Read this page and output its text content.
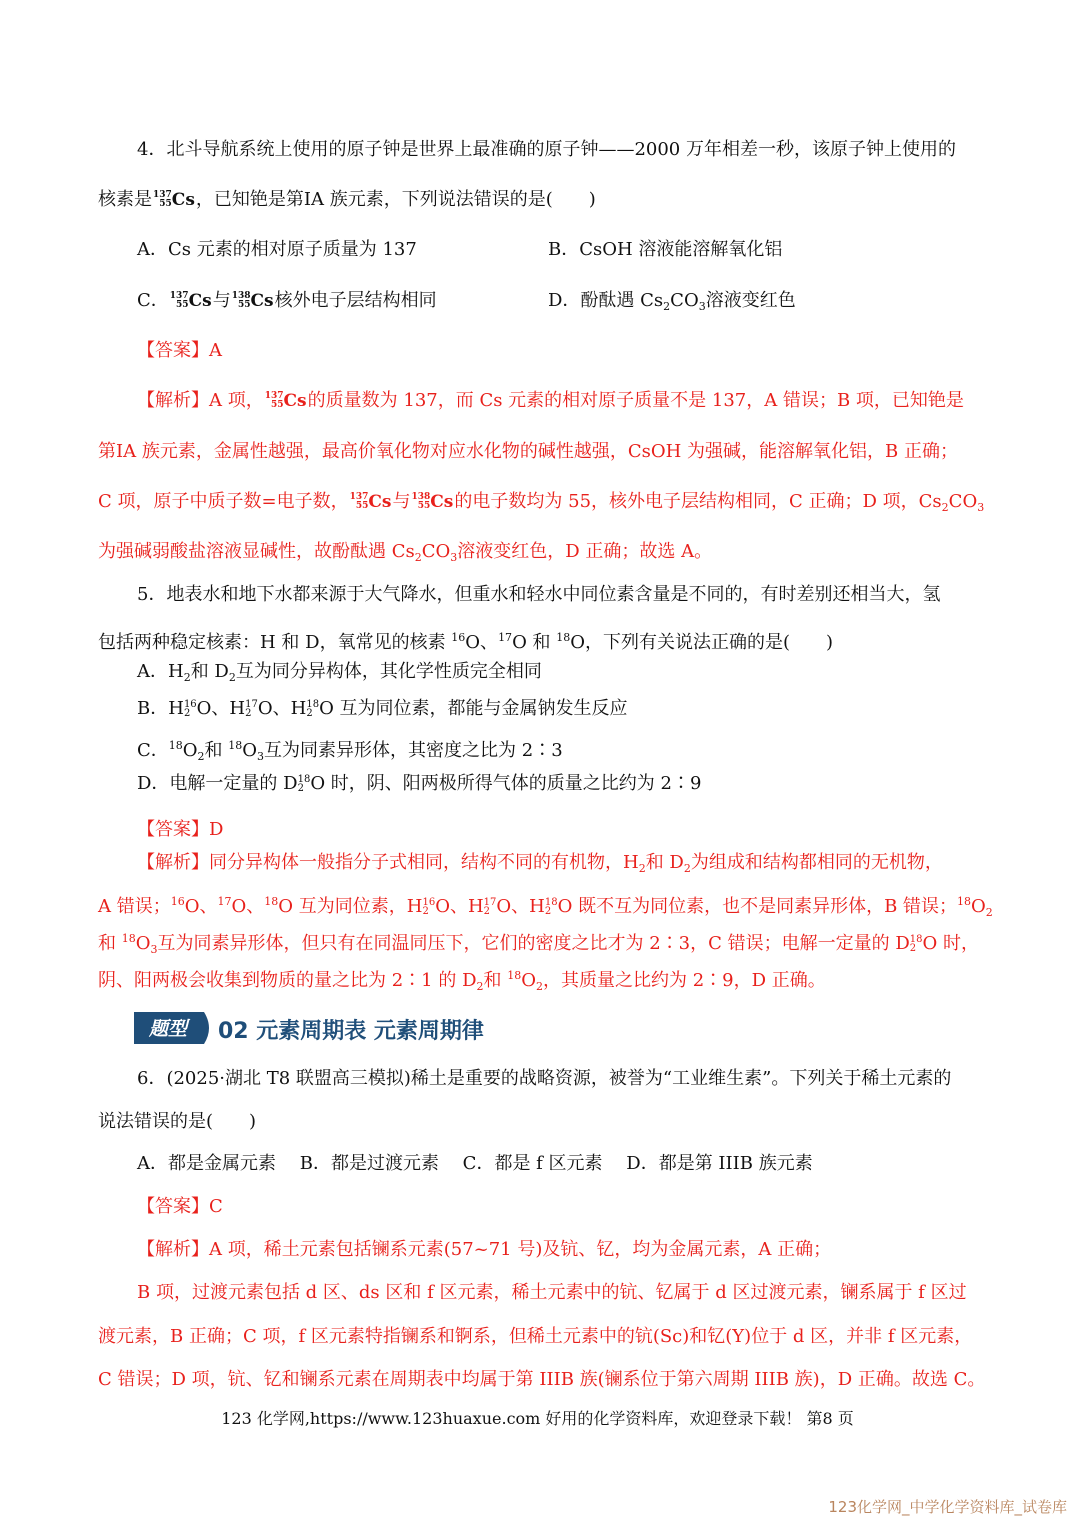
4．北斗导航系统上使用的原子钟是世界上最准确的原子钟——2000 万年相差一秒，该原子钟上使用的
核素是137
55Cs，已知铯是第IA 族元素，下列说法错误的是(　　)
A．Cs 元素的相对原子质量为 137	B．CsOH 溶液能溶解氧化铝
C．137
55Cs与138
55Cs核外电子层结构相同	D．酚酞遇 $Cs_2CO_3$溶液变红色
【答案】A
【解析】A 项，137
55Cs的质量数为 137，而 Cs 元素的相对原子质量不是 137，A 错误；B 项，已知铯是
第IA 族元素，金属性越强，最高价氧化物对应水化物的碱性越强，CsOH 为强碱，能溶解氧化铝，B 正确；
C 项，原子中质子数=电子数，137
55Cs与138
55Cs的电子数均为 55，核外电子层结构相同，C 正确；D 项，$Cs_2CO_3$
为强碱弱酸盐溶液显碱性，故酚酞遇 $Cs_2CO_3$溶液变红色，D 正确；故选 A。
5．地表水和地下水都来源于大气降水，但重水和轻水中同位素含量是不同的，有时差别还相当大，氢
包括两种稳定核素：H 和 D，氧常见的核素 $^{16}$O、$^{17}$O 和 $^{18}$O，下列有关说法正确的是(　　)
A．$H_2$和 $D_2$互为同分异构体，其化学性质完全相同
B．H16
2 O、H17
2 O、H18
2 O 互为同位素，都能与金属钠发生反应
C．$^{18}O_2$和 $^{18}O_3$互为同素异形体，其密度之比为 2∶3
D．电解一定量的 D18
2 O 时，阴、阳两极所得气体的质量之比约为 2∶9
【答案】D
【解析】同分异构体一般指分子式相同，结构不同的有机物，$H_2$和 $D_2$为组成和结构都相同的无机物，
A 错误；$^{16}$O、$^{17}$O、$^{18}$O 互为同位素，H16
2 O、H17
2 O、H18
2 O 既不互为同位素，也不是同素异形体，B 错误；$^{18}O_2$
和 $^{18}O_3$互为同素异形体，但只有在同温同压下，它们的密度之比才为 2∶3，C 错误；电解一定量的 D18
2 O 时，
阴、阳两极会收集到物质的量之比为 2∶1 的 $D_2$和 $^{18}O_2$，其质量之比约为 2∶9，D 正确。
题型 02 元素周期表 元素周期律
6．(2025·湖北 T8 联盟高三模拟)稀土是重要的战略资源，被誉为“工业维生素”。下列关于稀土元素的
说法错误的是(　　)
A．都是金属元素　 B．都是过渡元素　 C．都是 f 区元素　 D．都是第 IIIB 族元素
【答案】C
【解析】A 项，稀土元素包括镧系元素(57~71 号)及钪、钇，均为金属元素，A 正确；
B 项，过渡元素包括 d 区、ds 区和 f 区元素，稀土元素中的钪、钇属于 d 区过渡元素，镧系属于 f 区过
渡元素，B 正确；C 项，f 区元素特指镧系和锕系，但稀土元素中的钪(Sc)和钇(Y)位于 d 区，并非 f 区元素，
C 错误；D 项，钪、钇和镧系元素在周期表中均属于第 IIIB 族(镧系位于第六周期 IIIB 族)，D 正确。故选 C。
123 化学网,https://www.123huaxue.com 好用的化学资料库，欢迎登录下载！ 第8 页
123化学网_中学化学资料库_试卷库
